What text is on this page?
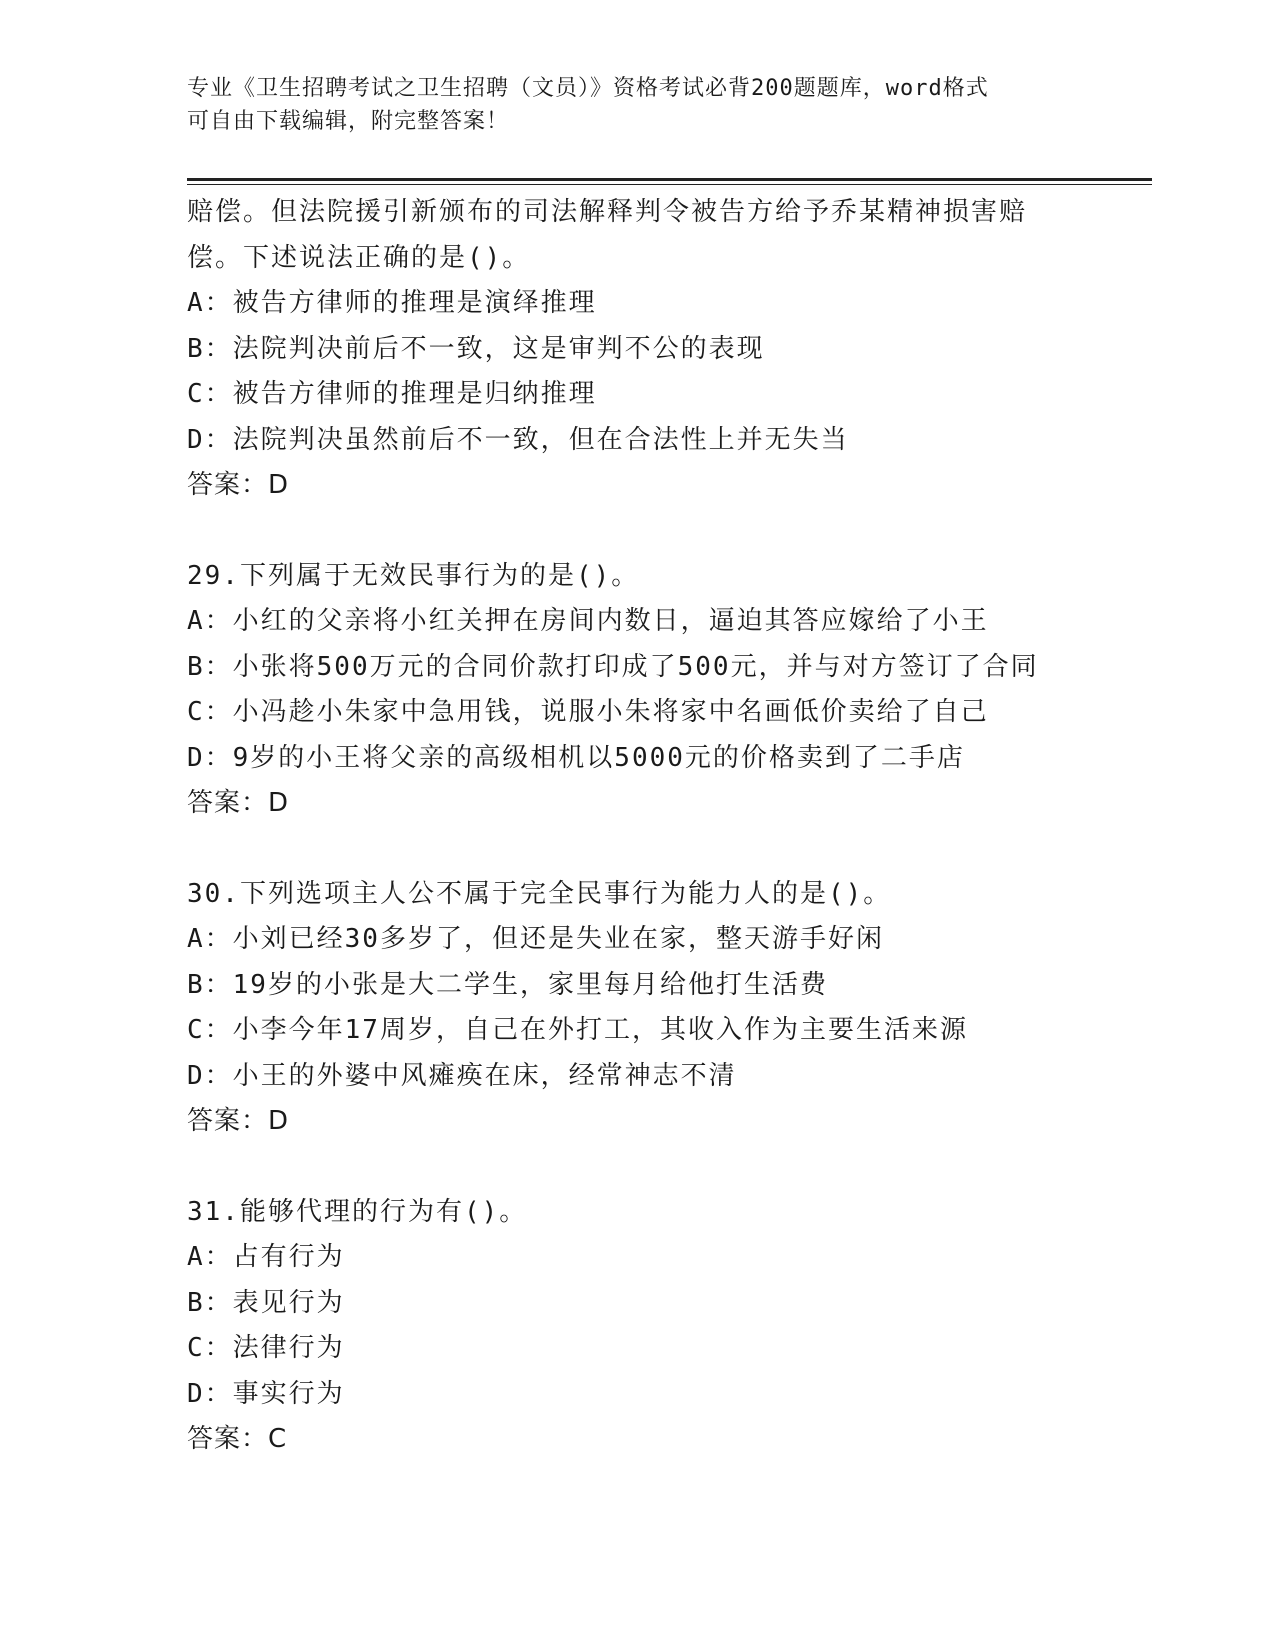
专业《卫生招聘考试之卫生招聘（文员）》资格考试必背200题题库，word格式
可自由下载编辑，附完整答案！
赔偿。但法院援引新颁布的司法解释判令被告方给予乔某精神损害赔
偿。下述说法正确的是()。
A：被告方律师的推理是演绎推理
B：法院判决前后不一致，这是审判不公的表现
C：被告方律师的推理是归纳推理
D：法院判决虽然前后不一致，但在合法性上并无失当
答案：D
29.下列属于无效民事行为的是()。
A：小红的父亲将小红关押在房间内数日，逼迫其答应嫁给了小王
B：小张将500万元的合同价款打印成了500元，并与对方签订了合同
C：小冯趁小朱家中急用钱，说服小朱将家中名画低价卖给了自己
D：9岁的小王将父亲的高级相机以5000元的价格卖到了二手店
答案：D
30.下列选项主人公不属于完全民事行为能力人的是()。
A：小刘已经30多岁了，但还是失业在家，整天游手好闲
B：19岁的小张是大二学生，家里每月给他打生活费
C：小李今年17周岁，自己在外打工，其收入作为主要生活来源
D：小王的外婆中风瘫痪在床，经常神志不清
答案：D
31.能够代理的行为有()。
A：占有行为
B：表见行为
C：法律行为
D：事实行为
答案：C
